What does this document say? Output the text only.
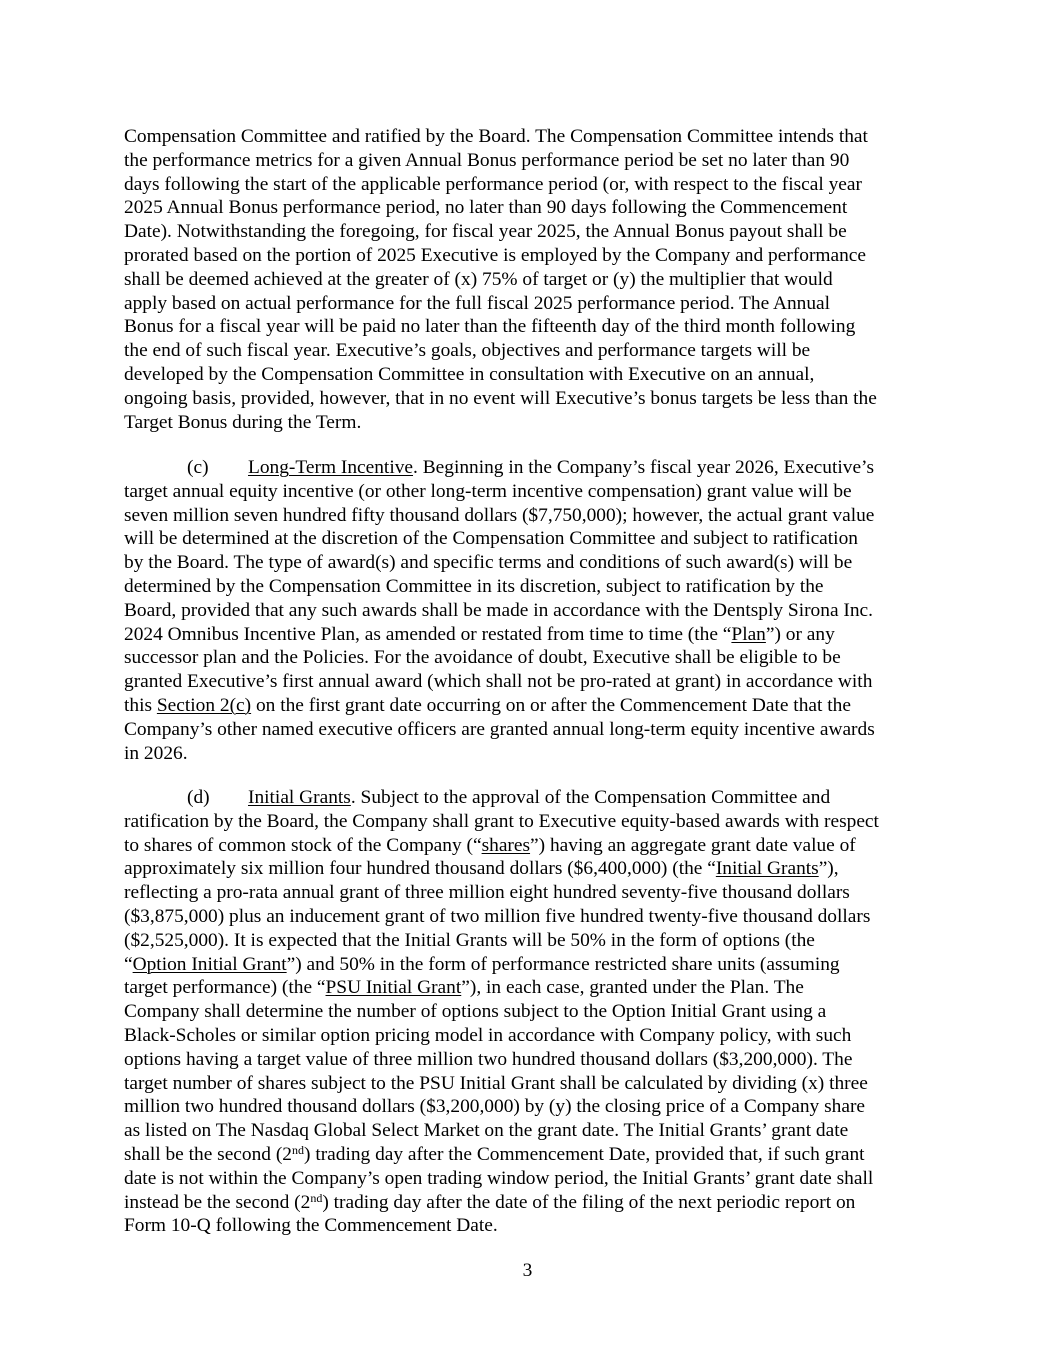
Compensation Committee and ratified by the Board. The Compensation Committee intends that
the performance metrics for a given Annual Bonus performance period be set no later than 90
days following the start of the applicable performance period (or, with respect to the fiscal year
2025 Annual Bonus performance period, no later than 90 days following the Commencement
Date). Notwithstanding the foregoing, for fiscal year 2025, the Annual Bonus payout shall be
prorated based on the portion of 2025 Executive is employed by the Company and performance
shall be deemed achieved at the greater of (x) 75% of target or (y) the multiplier that would
apply based on actual performance for the full fiscal 2025 performance period. The Annual
Bonus for a fiscal year will be paid no later than the fifteenth day of the third month following
the end of such fiscal year. Executive’s goals, objectives and performance targets will be
developed by the Compensation Committee in consultation with Executive on an annual,
ongoing basis, provided, however, that in no event will Executive’s bonus targets be less than the
Target Bonus during the Term.
(c) Long-Term Incentive. Beginning in the Company’s fiscal year 2026, Executive’s
target annual equity incentive (or other long-term incentive compensation) grant value will be
seven million seven hundred fifty thousand dollars ($7,750,000); however, the actual grant value
will be determined at the discretion of the Compensation Committee and subject to ratification
by the Board. The type of award(s) and specific terms and conditions of such award(s) will be
determined by the Compensation Committee in its discretion, subject to ratification by the
Board, provided that any such awards shall be made in accordance with the Dentsply Sirona Inc.
2024 Omnibus Incentive Plan, as amended or restated from time to time (the “Plan”) or any
successor plan and the Policies. For the avoidance of doubt, Executive shall be eligible to be
granted Executive’s first annual award (which shall not be pro-rated at grant) in accordance with
this Section 2(c) on the first grant date occurring on or after the Commencement Date that the
Company’s other named executive officers are granted annual long-term equity incentive awards
in 2026.
(d) Initial Grants. Subject to the approval of the Compensation Committee and
ratification by the Board, the Company shall grant to Executive equity-based awards with respect
to shares of common stock of the Company (“shares”) having an aggregate grant date value of
approximately six million four hundred thousand dollars ($6,400,000) (the “Initial Grants”),
reflecting a pro-rata annual grant of three million eight hundred seventy-five thousand dollars
($3,875,000) plus an inducement grant of two million five hundred twenty-five thousand dollars
($2,525,000). It is expected that the Initial Grants will be 50% in the form of options (the
“Option Initial Grant”) and 50% in the form of performance restricted share units (assuming
target performance) (the “PSU Initial Grant”), in each case, granted under the Plan. The
Company shall determine the number of options subject to the Option Initial Grant using a
Black-Scholes or similar option pricing model in accordance with Company policy, with such
options having a target value of three million two hundred thousand dollars ($3,200,000). The
target number of shares subject to the PSU Initial Grant shall be calculated by dividing (x) three
million two hundred thousand dollars ($3,200,000) by (y) the closing price of a Company share
as listed on The Nasdaq Global Select Market on the grant date. The Initial Grants’ grant date
shall be the second (2nd) trading day after the Commencement Date, provided that, if such grant
date is not within the Company’s open trading window period, the Initial Grants’ grant date shall
instead be the second (2nd) trading day after the date of the filing of the next periodic report on
Form 10-Q following the Commencement Date.
3
